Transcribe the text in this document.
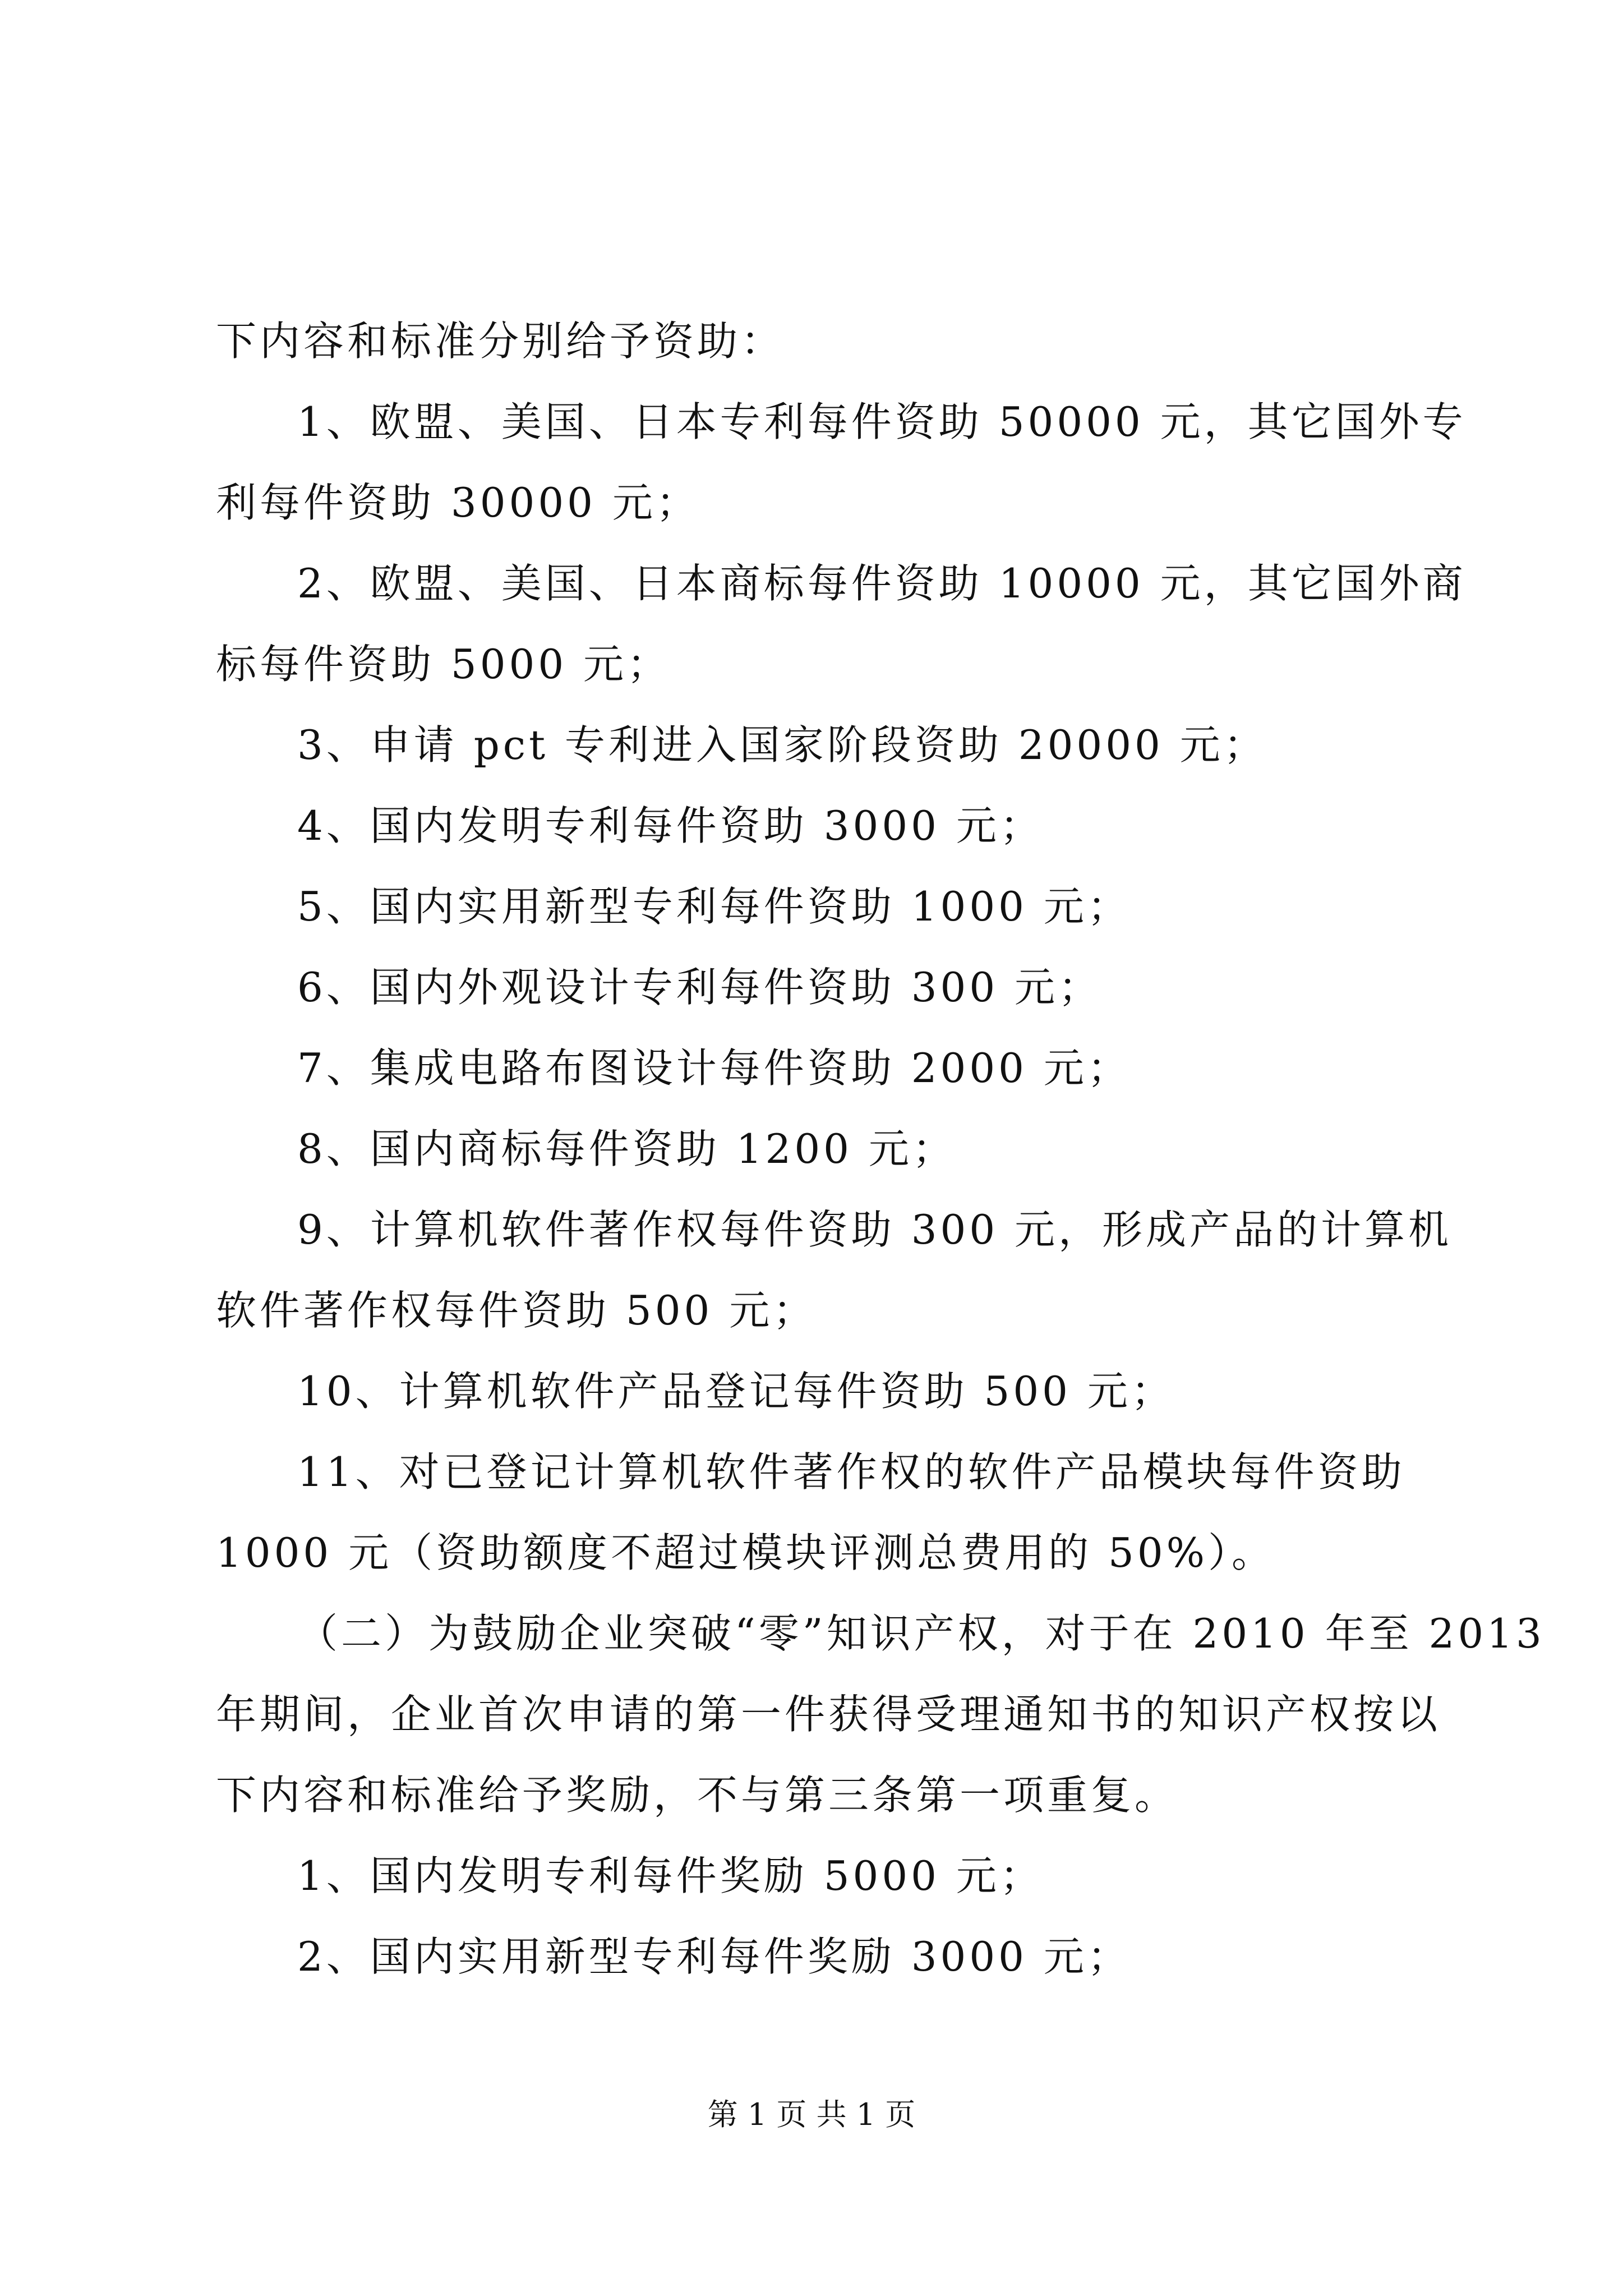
下内容和标准分别给予资助：
1、欧盟、美国、日本专利每件资助 50000 元，其它国外专
利每件资助 30000 元；
2、欧盟、美国、日本商标每件资助 10000 元，其它国外商
标每件资助 5000 元；
3、申请 pct 专利进入国家阶段资助 20000 元；
4、国内发明专利每件资助 3000 元；
5、国内实用新型专利每件资助 1000 元；
6、国内外观设计专利每件资助 300 元；
7、集成电路布图设计每件资助 2000 元；
8、国内商标每件资助 1200 元；
9、计算机软件著作权每件资助 300 元，形成产品的计算机
软件著作权每件资助 500 元；
10、计算机软件产品登记每件资助 500 元；
11、对已登记计算机软件著作权的软件产品模块每件资助
1000 元（资助额度不超过模块评测总费用的 50%）。
（二）为鼓励企业突破“零”知识产权，对于在 2010 年至 2013
年期间，企业首次申请的第一件获得受理通知书的知识产权按以
下内容和标准给予奖励，不与第三条第一项重复。
1、国内发明专利每件奖励 5000 元；
2、国内实用新型专利每件奖励 3000 元；
第 1 页 共 1 页
